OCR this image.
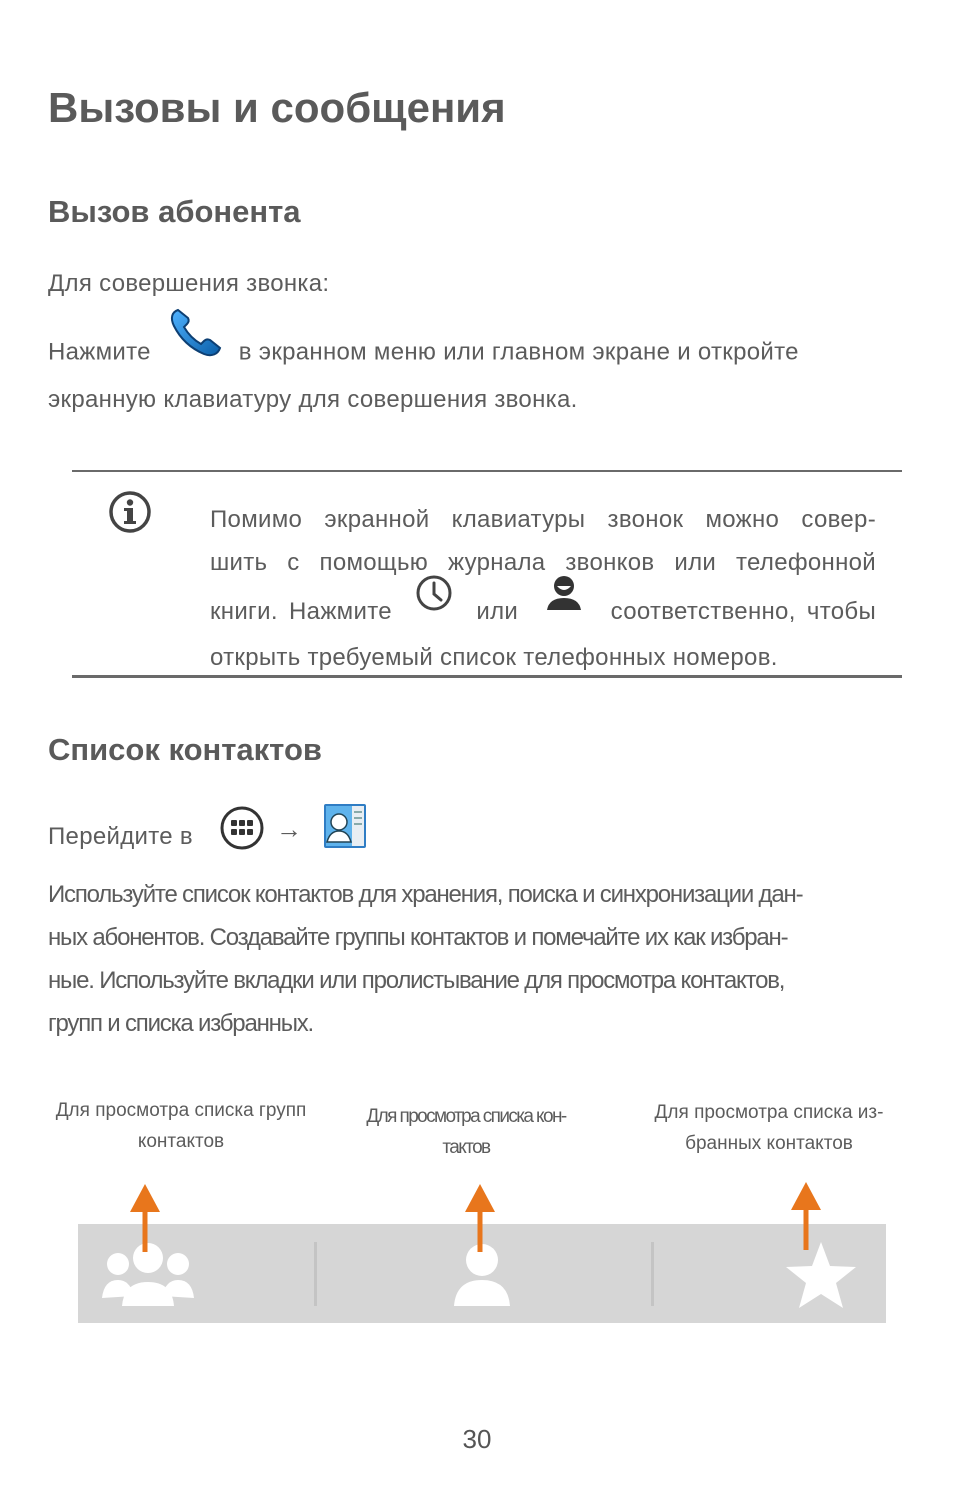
Вызовы и сообщения
Вызов абонента

Для совершения звонка:

Нажмите	в экранном меню или главном экране и откройте

экранную клавиатуру для совершения звонка.

Помимо экранной клавиатуры звонок можно совер-
шить с помощью журнала звонков или телефонной
книги. Нажмите	или	соответственно, чтобы
открыть требуемый список телефонных номеров.
Список контактов
Перейдите в	→
Используйте список контактов для хранения, поиска и синхронизации дан-
ных абонентов. Создавайте группы контактов и помечайте их как избран-
ные. Используйте вкладки или пролистывание для просмотра контактов,
групп и списка избранных.
Для просмотра списка групп
контактов
Для просмотра списка кон-
тактов
Для просмотра списка из-
бранных контактов
30
